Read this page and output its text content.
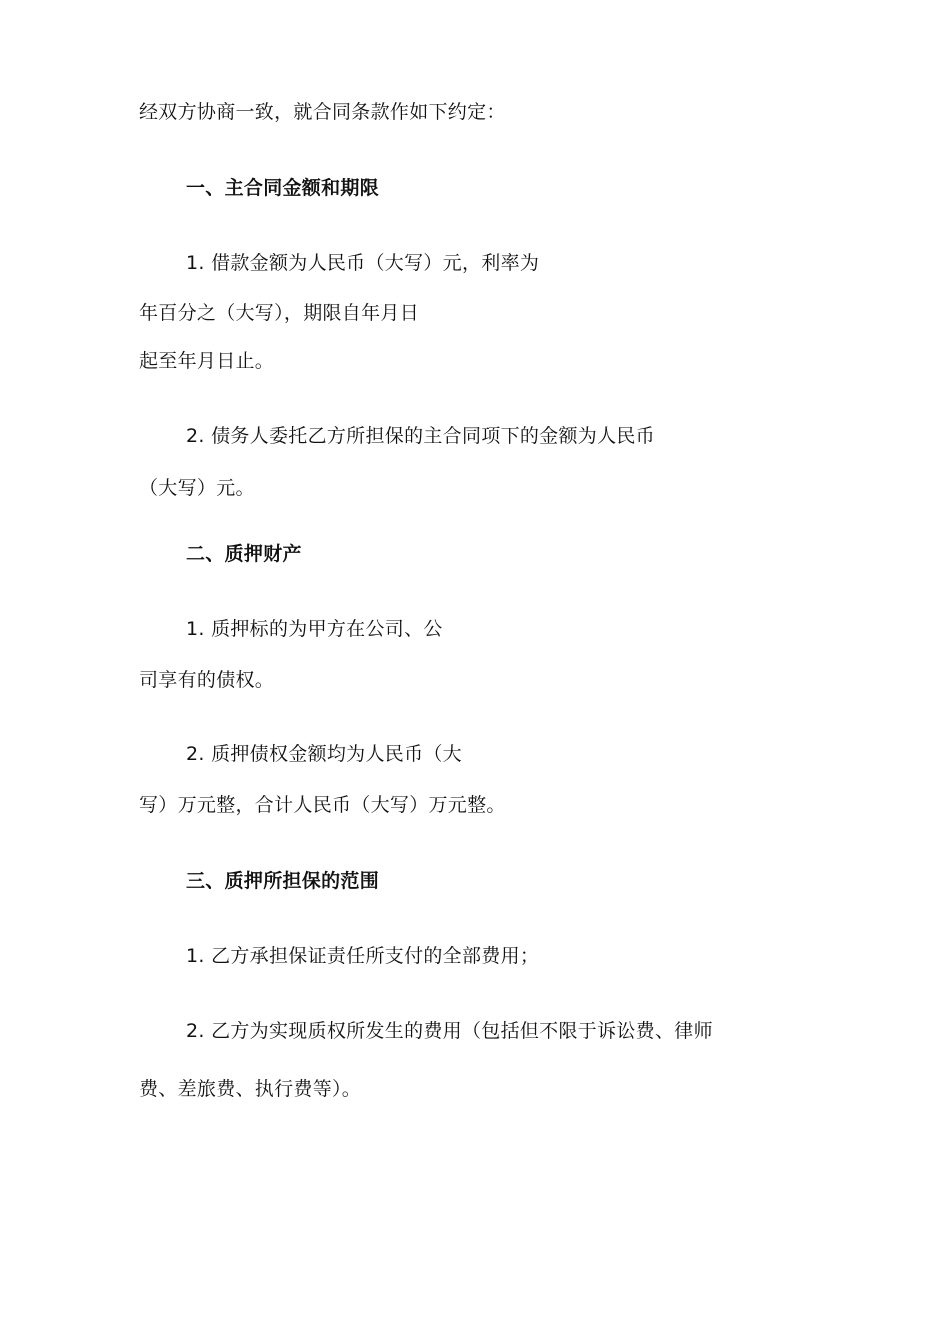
经双方协商一致，就合同条款作如下约定：
一、主合同金额和期限
1. 借款金额为人民币（大写）元，利率为
年百分之（大写），期限自年月日
起至年月日止。
2. 债务人委托乙方所担保的主合同项下的金额为人民币
（大写）元。
二、质押财产
1. 质押标的为甲方在公司、公
司享有的债权。
2. 质押债权金额均为人民币（大
写）万元整，合计人民币（大写）万元整。
三、质押所担保的范围
1. 乙方承担保证责任所支付的全部费用；
2. 乙方为实现质权所发生的费用（包括但不限于诉讼费、律师
费、差旅费、执行费等）。
